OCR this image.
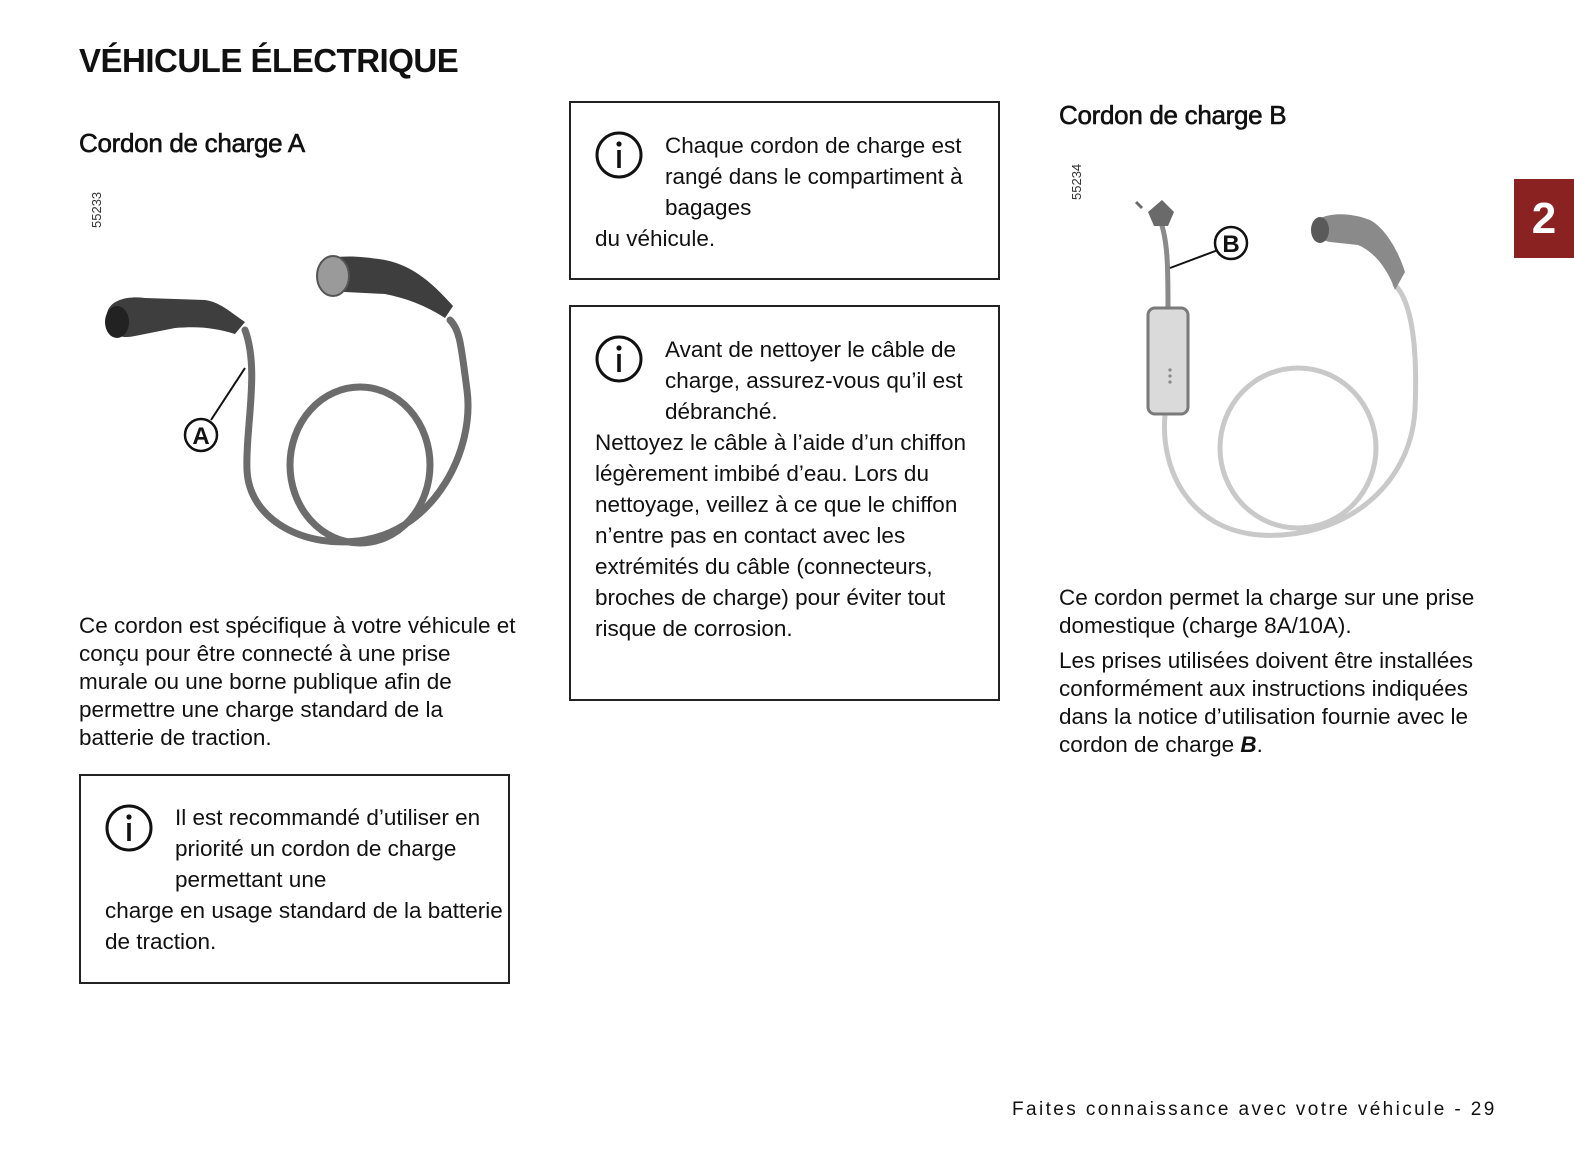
VÉHICULE ÉLECTRIQUE
2
Cordon de charge A
55233
A

Ce cordon est spécifique à votre véhicule et conçu pour être connecté à une prise murale ou une borne publique afin de permettre une charge standard de la batterie de traction.

Il est recommandé d’utiliser en priorité un cordon de charge permettant une
charge en usage standard de la batterie de traction.
Chaque cordon de charge est rangé dans le compartiment à bagages
du véhicule.
Avant de nettoyer le câble de charge, assurez-vous qu’il est débranché.
Nettoyez le câble à l’aide d’un chiffon légèrement imbibé d’eau. Lors du nettoyage, veillez à ce que le chiffon n’entre pas en contact avec les extrémités du câble (connecteurs, broches de charge) pour éviter tout risque de corrosion.
Cordon de charge B
55234
B

Ce cordon permet la charge sur une prise domestique (charge 8A/10A).

Les prises utilisées doivent être installées conformément aux instructions indiquées dans la notice d’utilisation fournie avec le cordon de charge B.

Faites connaissance avec votre véhicule - 29
